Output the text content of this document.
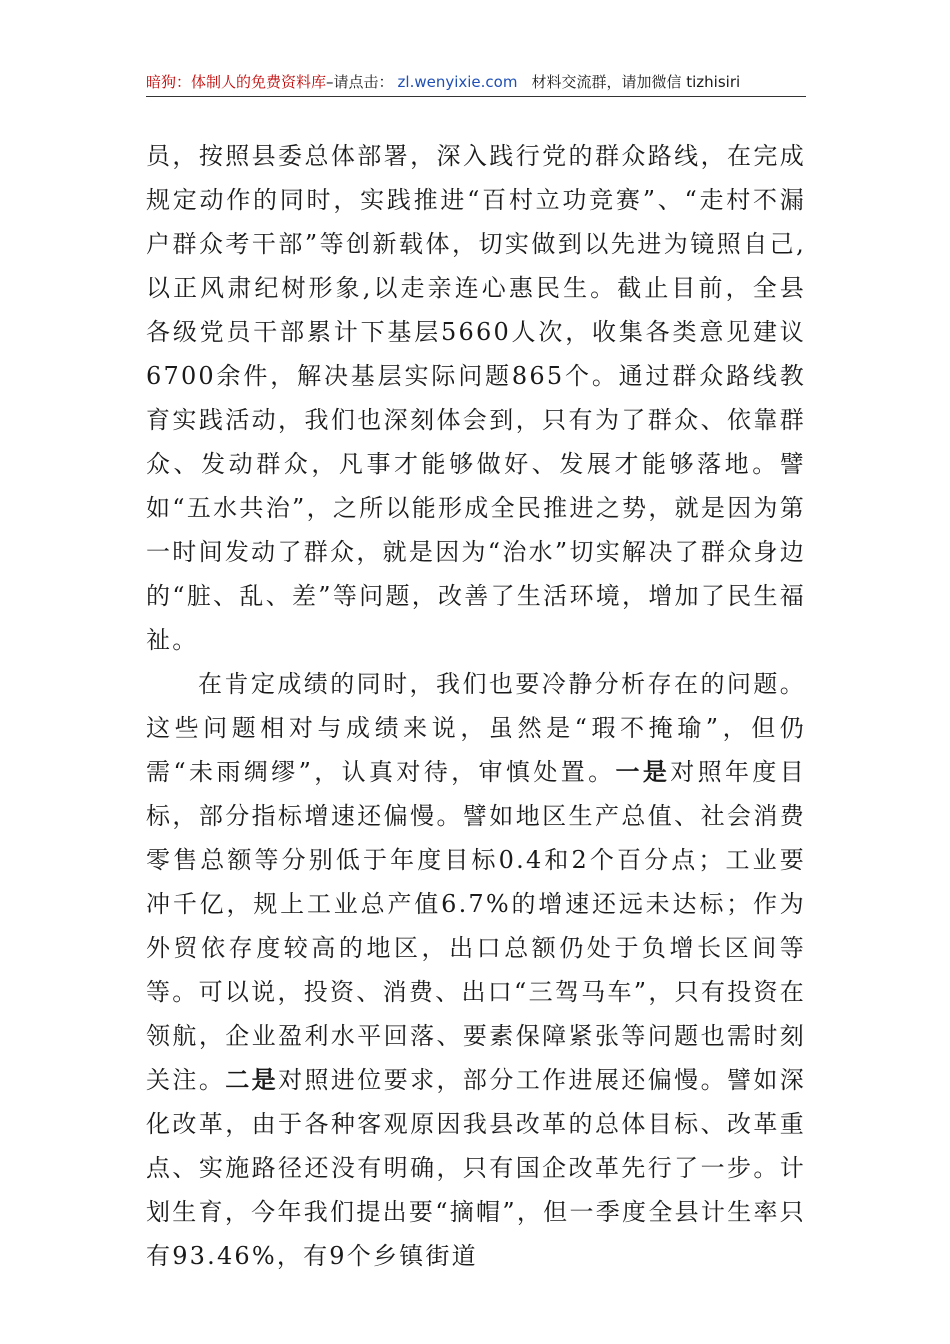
暗狗：体制人的免费资料库–请点击： zl.wenyixie.com 材料交流群，请加微信 tizhisiri

员，按照县委总体部署，深入践行党的群众路线，在完成规定动作的同时，实践推进“百村立功竞赛”、“走村不漏户群众考干部”等创新载体，切实做到以先进为镜照自己,以正风肃纪树形象,以走亲连心惠民生。截止目前，全县各级党员干部累计下基层5660人次，收集各类意见建议6700余件，解决基层实际问题865个。通过群众路线教育实践活动，我们也深刻体会到，只有为了群众、依靠群众、发动群众，凡事才能够做好、发展才能够落地。譬如“五水共治”，之所以能形成全民推进之势，就是因为第一时间发动了群众，就是因为“治水”切实解决了群众身边的“脏、乱、差”等问题，改善了生活环境，增加了民生福祉。

在肯定成绩的同时，我们也要冷静分析存在的问题。这些问题相对与成绩来说，虽然是“瑕不掩瑜”，但仍需“未雨绸缪”，认真对待，审慎处置。一是对照年度目标，部分指标增速还偏慢。譬如地区生产总值、社会消费零售总额等分别低于年度目标0.4和2个百分点；工业要冲千亿，规上工业总产值6.7%的增速还远未达标；作为外贸依存度较高的地区，出口总额仍处于负增长区间等等。可以说，投资、消费、出口“三驾马车”，只有投资在领航，企业盈利水平回落、要素保障紧张等问题也需时刻关注。二是对照进位要求，部分工作进展还偏慢。譬如深化改革，由于各种客观原因我县改革的总体目标、改革重点、实施路径还没有明确，只有国企改革先行了一步。计划生育，今年我们提出要“摘帽”，但一季度全县计生率只有93.46%，有9个乡镇街道
